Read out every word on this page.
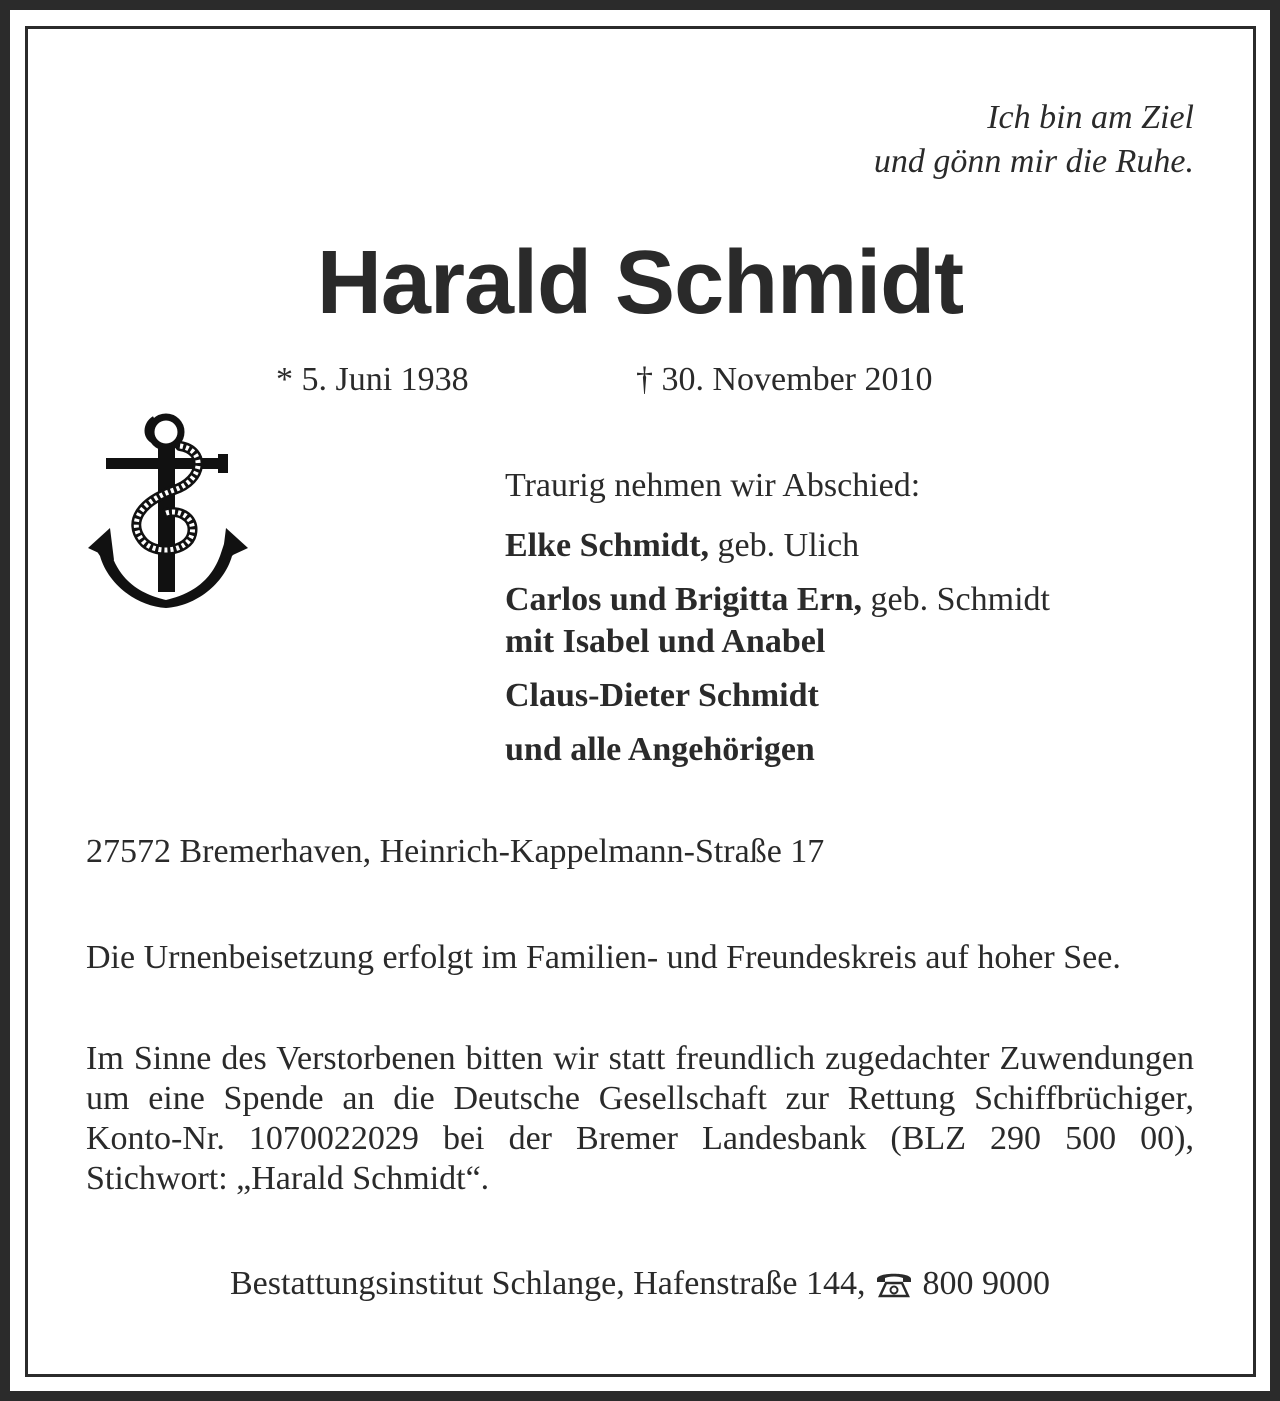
Ich bin am Ziel
und gönn mir die Ruhe.
Harald Schmidt
* 5. Juni 1938	† 30. November 2010
Traurig nehmen wir Abschied:
Elke Schmidt, geb. Ulich
Carlos und Brigitta Ern, geb. Schmidt
mit Isabel und Anabel
Claus-Dieter Schmidt
und alle Angehörigen
27572 Bremerhaven, Heinrich-Kappelmann-Straße 17
Die Urnenbeisetzung erfolgt im Familien- und Freundeskreis auf hoher See.
Im Sinne des Verstorbenen bitten wir statt freundlich zugedachter Zuwendungen um eine Spende an die Deutsche Gesellschaft zur Rettung Schiffbrüchiger, Konto-Nr. 1070022029 bei der Bremer Landesbank (BLZ 290 500 00), Stichwort: „Harald Schmidt“.
Bestattungsinstitut Schlange, Hafenstraße 144, 800 9000
